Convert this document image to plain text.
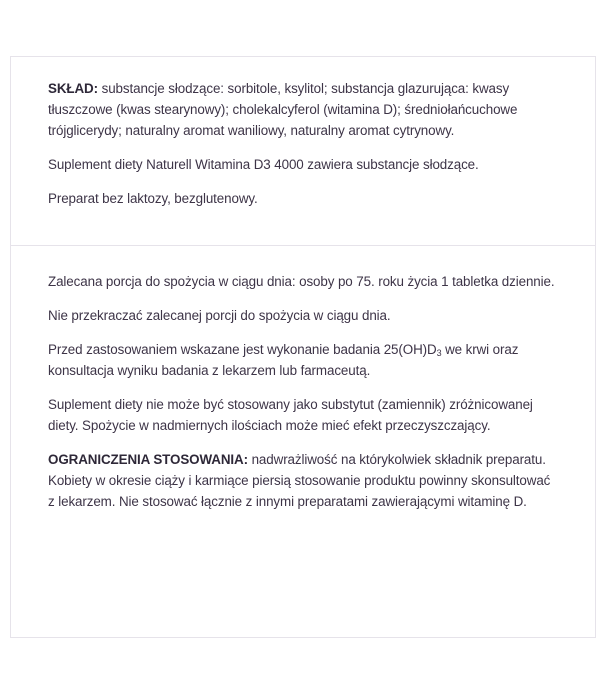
SKŁAD: substancje słodzące: sorbitole, ksylitol; substancja glazurująca: kwasy tłuszczowe (kwas stearynowy); cholekalcyferol (witamina D); średniołańcuchowe trójglicerydy; naturalny aromat waniliowy, naturalny aromat cytrynowy.

Suplement diety Naturell Witamina D3 4000 zawiera substancje słodzące.

Preparat bez laktozy, bezglutenowy.

Zalecana porcja do spożycia w ciągu dnia: osoby po 75. roku życia 1 tabletka dziennie.

Nie przekraczać zalecanej porcji do spożycia w ciągu dnia.

Przed zastosowaniem wskazane jest wykonanie badania $25(OH)D_3$ we krwi oraz konsultacja wyniku badania z lekarzem lub farmaceutą.

Suplement diety nie może być stosowany jako substytut (zamiennik) zróżnicowanej diety. Spożycie w nadmiernych ilościach może mieć efekt przeczyszczający.

OGRANICZENIA STOSOWANIA: nadwrażliwość na którykolwiek składnik preparatu. Kobiety w okresie ciąży i karmiące piersią stosowanie produktu powinny skonsultować z lekarzem. Nie stosować łącznie z innymi preparatami zawierającymi witaminę D.
